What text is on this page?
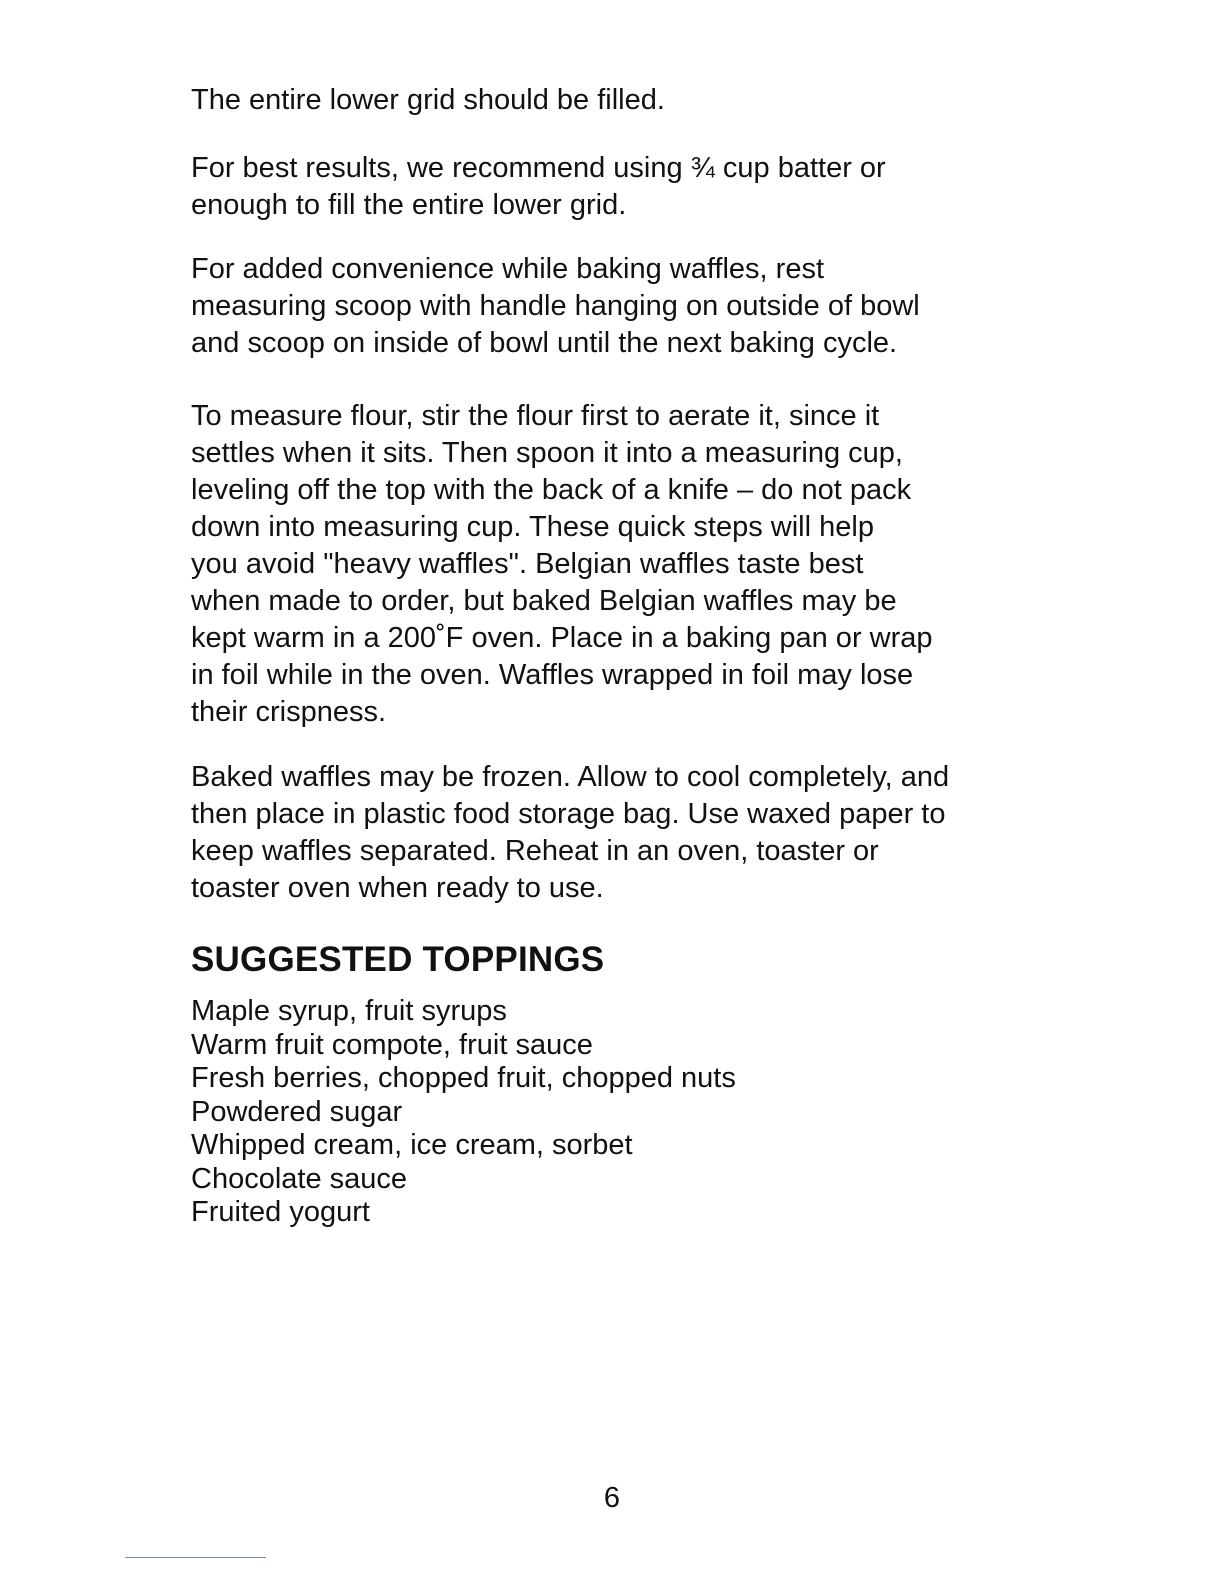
The entire lower grid should be filled.

For best results, we recommend using ¾ cup batter or
enough to fill the entire lower grid.

For added convenience while baking waffles, rest
measuring scoop with handle hanging on outside of bowl
and scoop on inside of bowl until the next baking cycle.

To measure flour, stir the flour first to aerate it, since it
settles when it sits. Then spoon it into a measuring cup,
leveling off the top with the back of a knife – do not pack
down into measuring cup. These quick steps will help
you avoid "heavy waffles". Belgian waffles taste best
when made to order, but baked Belgian waffles may be
kept warm in a 200˚F oven. Place in a baking pan or wrap
in foil while in the oven. Waffles wrapped in foil may lose
their crispness.

Baked waffles may be frozen. Allow to cool completely, and
then place in plastic food storage bag. Use waxed paper to
keep waffles separated. Reheat in an oven, toaster or
toaster oven when ready to use.

SUGGESTED TOPPINGS
Maple syrup, fruit syrups
Warm fruit compote, fruit sauce
Fresh berries, chopped fruit, chopped nuts
Powdered sugar
Whipped cream, ice cream, sorbet
Chocolate sauce
Fruited yogurt
6
